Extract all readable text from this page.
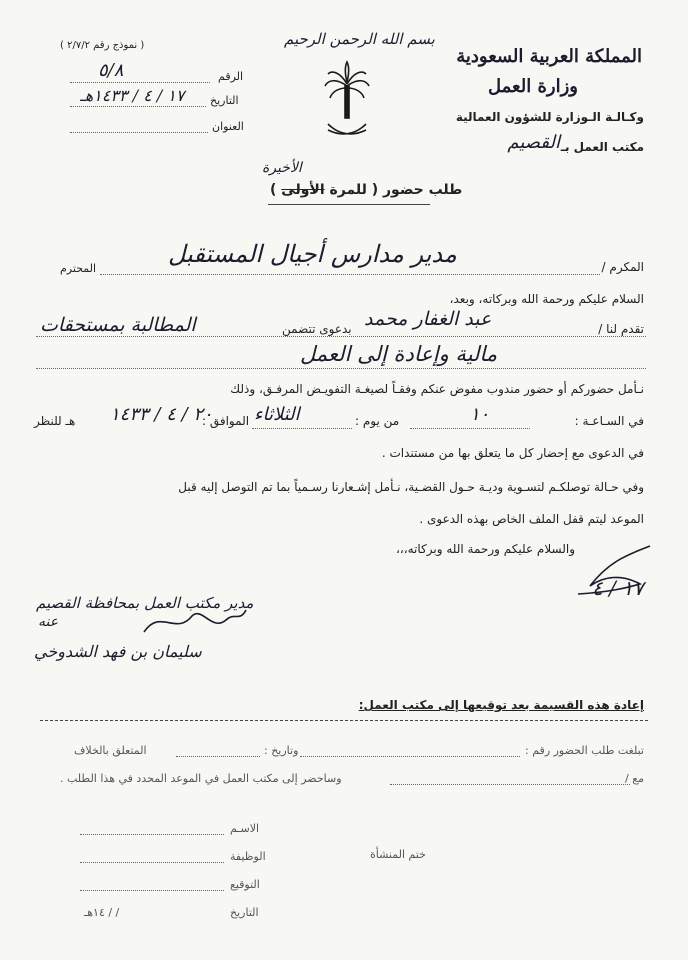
بسم الله الرحمن الرحيم
( نموذج رقم ٢/٧/٢ )
الرقم
٥/٨
التاريخ
١٧ / ٤ / ١٤٣٣هـ
العنوان
المملكة العربية السعودية
وزارة العمل
وكـالـة الـوزارة للشؤون العمالية
مكتب العمل بـ
القصيم
طلب حضور ( للمرة الأولى )
الأخيرة
المكرم /
مدير مدارس أجيال المستقبل
المحترم
السلام عليكم ورحمة الله وبركاته، وبعد،
تقدم لنا /
عبد الغفار محمد
بدعوى تتضمن
المطالبة بمستحقات
مالية وإعادة إلى العمل
نـأمل حضوركم أو حضور مندوب مفوض عنكم وفقـاً لصيغـة التفويـض المرفـق، وذلك
في السـاعـة :
١٠
من يوم :
الثلاثاء
الموافق :
٢٠ / ٤ / ١٤٣٣
هـ للنظر
في الدعوى مع إحضار كل ما يتعلق بها من مستندات .
وفي حـالة توصلكـم لتسـوية وديـة حـول القضـية، نـأمل إشـعارنا رسـمياً بما تم التوصل إليه قبل
الموعد ليتم قفل الملف الخاص بهذه الدعوى .
والسلام عليكم ورحمة الله وبركاته،،،
١٧ / ٤
مدير مكتب العمل بمحافظة القصيم
عنه
سليمان بن فهد الشدوخي
إعادة هذه القسيمة بعد توقيعها إلى مكتب العمل:
تبلغت طلب الحضور رقم :
وتاريخ :
المتعلق بالخلاف
مع /
وساحضر إلى مكتب العمل في الموعد المحدد في هذا الطلب .
الاسـم
الوظيفة
التوقيع
التاريخ
/ / ١٤هـ
ختم المنشأة
